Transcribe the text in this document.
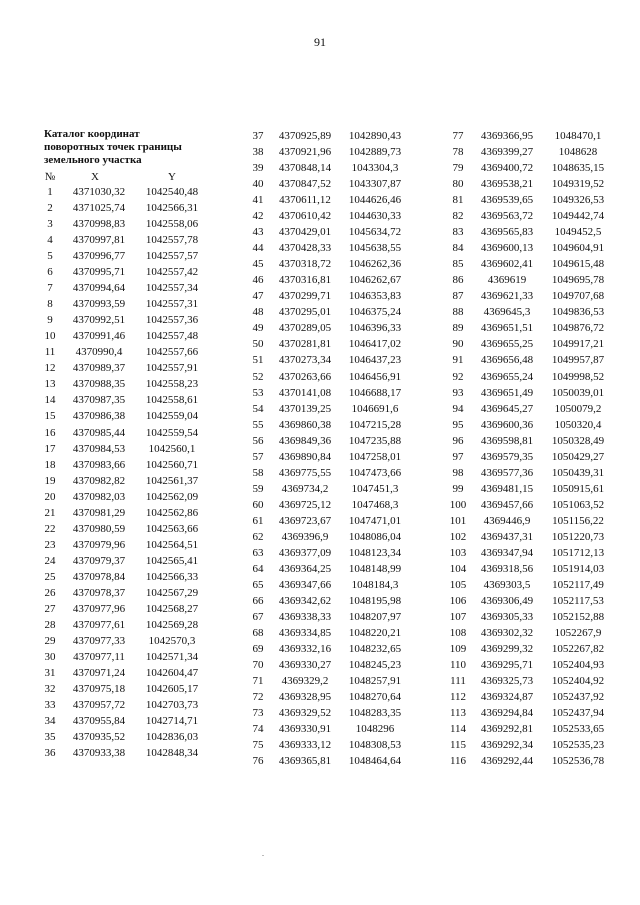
91
Каталог координат
поворотных точек границы
земельного участка
№	X	Y
1	4371030,32	1042540,48
2	4371025,74	1042566,31
3	4370998,83	1042558,06
4	4370997,81	1042557,78
5	4370996,77	1042557,57
6	4370995,71	1042557,42
7	4370994,64	1042557,34
8	4370993,59	1042557,31
9	4370992,51	1042557,36
10	4370991,46	1042557,48
11	4370990,4	1042557,66
12	4370989,37	1042557,91
13	4370988,35	1042558,23
14	4370987,35	1042558,61
15	4370986,38	1042559,04
16	4370985,44	1042559,54
17	4370984,53	1042560,1
18	4370983,66	1042560,71
19	4370982,82	1042561,37
20	4370982,03	1042562,09
21	4370981,29	1042562,86
22	4370980,59	1042563,66
23	4370979,96	1042564,51
24	4370979,37	1042565,41
25	4370978,84	1042566,33
26	4370978,37	1042567,29
27	4370977,96	1042568,27
28	4370977,61	1042569,28
29	4370977,33	1042570,3
30	4370977,11	1042571,34
31	4370971,24	1042604,47
32	4370975,18	1042605,17
33	4370957,72	1042703,73
34	4370955,84	1042714,71
35	4370935,52	1042836,03
36	4370933,38	1042848,34
37	4370925,89	1042890,43
38	4370921,96	1042889,73
39	4370848,14	1043304,3
40	4370847,52	1043307,87
41	4370611,12	1044626,46
42	4370610,42	1044630,33
43	4370429,01	1045634,72
44	4370428,33	1045638,55
45	4370318,72	1046262,36
46	4370316,81	1046262,67
47	4370299,71	1046353,83
48	4370295,01	1046375,24
49	4370289,05	1046396,33
50	4370281,81	1046417,02
51	4370273,34	1046437,23
52	4370263,66	1046456,91
53	4370141,08	1046688,17
54	4370139,25	1046691,6
55	4369860,38	1047215,28
56	4369849,36	1047235,88
57	4369890,84	1047258,01
58	4369775,55	1047473,66
59	4369734,2	1047451,3
60	4369725,12	1047468,3
61	4369723,67	1047471,01
62	4369396,9	1048086,04
63	4369377,09	1048123,34
64	4369364,25	1048148,99
65	4369347,66	1048184,3
66	4369342,62	1048195,98
67	4369338,33	1048207,97
68	4369334,85	1048220,21
69	4369332,16	1048232,65
70	4369330,27	1048245,23
71	4369329,2	1048257,91
72	4369328,95	1048270,64
73	4369329,52	1048283,35
74	4369330,91	1048296
75	4369333,12	1048308,53
76	4369365,81	1048464,64
77	4369366,95	1048470,1
78	4369399,27	1048628
79	4369400,72	1048635,15
80	4369538,21	1049319,52
81	4369539,65	1049326,53
82	4369563,72	1049442,74
83	4369565,83	1049452,5
84	4369600,13	1049604,91
85	4369602,41	1049615,48
86	4369619	1049695,78
87	4369621,33	1049707,68
88	4369645,3	1049836,53
89	4369651,51	1049876,72
90	4369655,25	1049917,21
91	4369656,48	1049957,87
92	4369655,24	1049998,52
93	4369651,49	1050039,01
94	4369645,27	1050079,2
95	4369600,36	1050320,4
96	4369598,81	1050328,49
97	4369579,35	1050429,27
98	4369577,36	1050439,31
99	4369481,15	1050915,61
100	4369457,66	1051063,52
101	4369446,9	1051156,22
102	4369437,31	1051220,73
103	4369347,94	1051712,13
104	4369318,56	1051914,03
105	4369303,5	1052117,49
106	4369306,49	1052117,53
107	4369305,33	1052152,88
108	4369302,32	1052267,9
109	4369299,32	1052267,82
110	4369295,71	1052404,93
111	4369325,73	1052404,92
112	4369324,87	1052437,92
113	4369294,84	1052437,94
114	4369292,81	1052533,65
115	4369292,34	1052535,23
116	4369292,44	1052536,78
